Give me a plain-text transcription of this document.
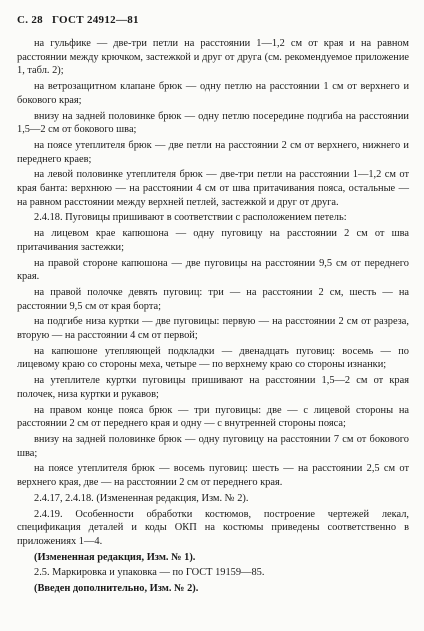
С. 28 ГОСТ 24912—81

на гульфике — две-три петли на расстоянии 1—1,2 см от края и на равном расстоянии между крючком, застежкой и друг от друга (см. рекомендуемое приложение 1, табл. 2);

на ветрозащитном клапане брюк — одну петлю на расстоянии 1 см от верхнего и бокового края;

внизу на задней половинке брюк — одну петлю посередине подгиба на расстоянии 1,5—2 см от бокового шва;

на поясе утеплителя брюк — две петли на расстоянии 2 см от верхнего, нижнего и переднего краев;

на левой половинке утеплителя брюк — две-три петли на расстоянии 1—1,2 см от края банта: верхнюю — на расстоянии 4 см от шва притачивания пояса, остальные — на равном расстоянии между верхней петлей, застежкой и друг от друга.

2.4.18. Пуговицы пришивают в соответствии с расположением петель:

на лицевом крае капюшона — одну пуговицу на расстоянии 2 см от шва притачивания застежки;

на правой стороне капюшона — две пуговицы на расстоянии 9,5 см от переднего края.

на правой полочке девять пуговиц: три — на расстоянии 2 см, шесть — на расстоянии 9,5 см от края борта;

на подгибе низа куртки — две пуговицы: первую — на расстоянии 2 см от разреза, вторую — на расстоянии 4 см от первой;

на капюшоне утепляющей подкладки — двенадцать пуговиц: восемь — по лицевому краю со стороны меха, четыре — по верхнему краю со стороны изнанки;

на утеплителе куртки пуговицы пришивают на расстоянии 1,5—2 см от края полочек, низа куртки и рукавов;

на правом конце пояса брюк — три пуговицы: две — с лицевой стороны на расстоянии 2 см от переднего края и одну — с внутренней стороны пояса;

внизу на задней половинке брюк — одну пуговицу на расстоянии 7 см от бокового шва;

на поясе утеплителя брюк — восемь пуговиц: шесть — на расстоянии 2,5 см от верхнего края, две — на расстоянии 2 см от переднего края.

2.4.17, 2.4.18. (Измененная редакция, Изм. № 2).

2.4.19. Особенности обработки костюмов, построение чертежей лекал, спецификация деталей и коды ОКП на костюмы приведены соответственно в приложениях 1—4.

(Измененная редакция, Изм. № 1).

2.5. Маркировка и упаковка — по ГОСТ 19159—85.

(Введен дополнительно, Изм. № 2).
